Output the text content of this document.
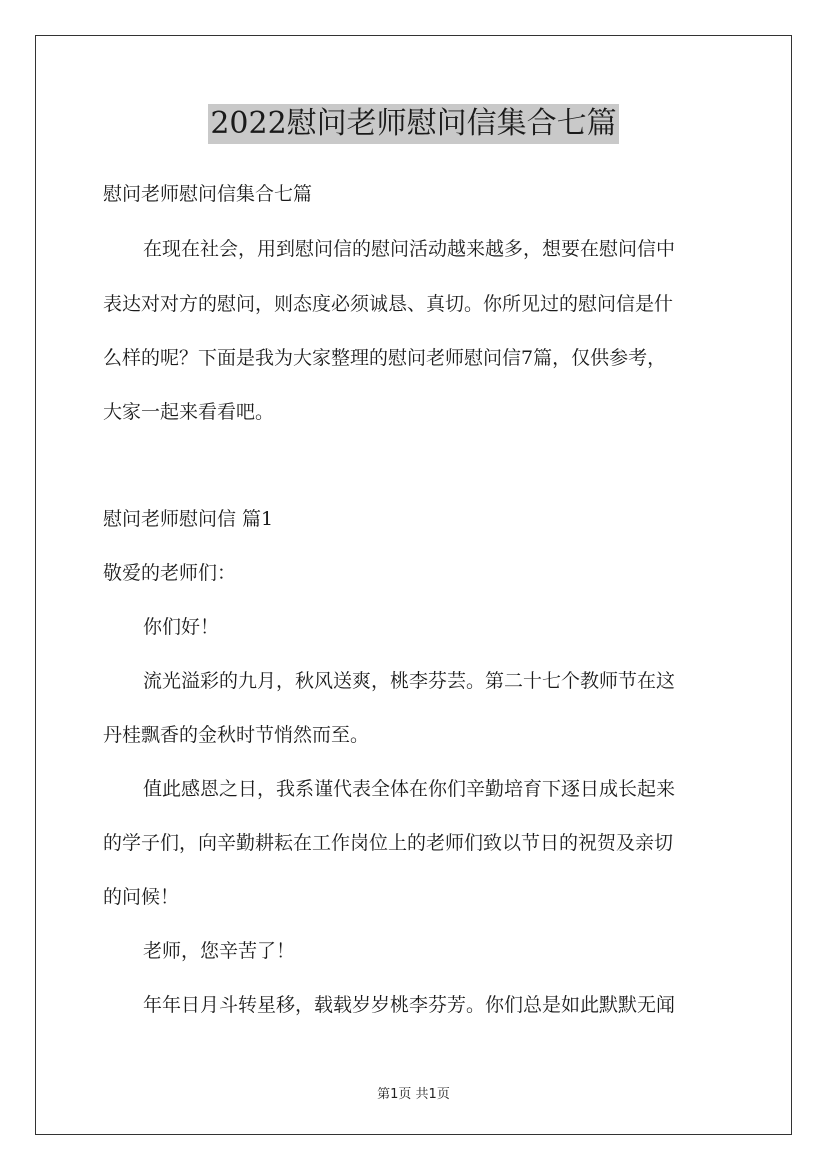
2022慰问老师慰问信集合七篇
慰问老师慰问信集合七篇
在现在社会，用到慰问信的慰问活动越来越多，想要在慰问信中
表达对对方的慰问，则态度必须诚恳、真切。你所见过的慰问信是什
么样的呢？下面是我为大家整理的慰问老师慰问信7篇，仅供参考，
大家一起来看看吧。
慰问老师慰问信 篇1
敬爱的老师们：
你们好！
流光溢彩的九月，秋风送爽，桃李芬芸。第二十七个教师节在这
丹桂飘香的金秋时节悄然而至。
值此感恩之日，我系谨代表全体在你们辛勤培育下逐日成长起来
的学子们，向辛勤耕耘在工作岗位上的老师们致以节日的祝贺及亲切
的问候！
老师，您辛苦了！
年年日月斗转星移，载载岁岁桃李芬芳。你们总是如此默默无闻
第1页 共1页
